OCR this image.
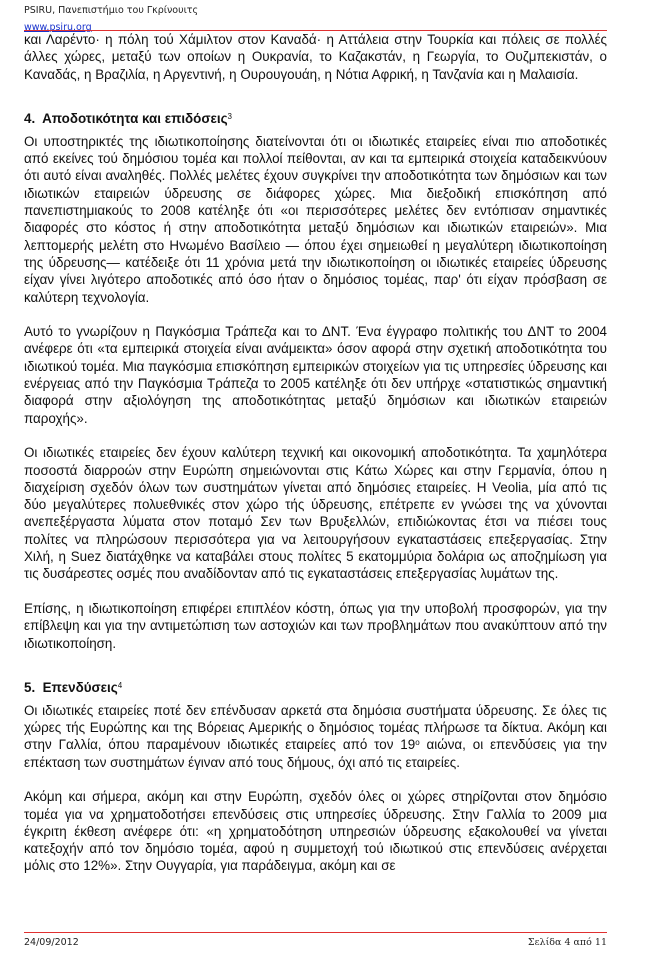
PSIRU, Πανεπιστήμιο του Γκρίνουιτς
www.psiru.org

και Λαρέντο· η πόλη τού Χάμιλτον στον Καναδά· η Αττάλεια στην Τουρκία και πόλεις σε πολλές άλλες χώρες, μεταξύ των οποίων η Ουκρανία, το Καζακστάν, η Γεωργία, το Ουζμπεκιστάν, ο Καναδάς, η Βραζιλία, η Αργεντινή, η Ουρουγουάη, η Νότια Αφρική, η Τανζανία και η Μαλαισία.

4. Αποδοτικότητα και επιδόσεις$^3$

Οι υποστηρικτές της ιδιωτικοποίησης διατείνονται ότι οι ιδιωτικές εταιρείες είναι πιο αποδοτικές από εκείνες τού δημόσιου τομέα και πολλοί πείθονται, αν και τα εμπειρικά στοιχεία καταδεικνύουν ότι αυτό είναι αναληθές. Πολλές μελέτες έχουν συγκρίνει την αποδοτικότητα των δημόσιων και των ιδιωτικών εταιρειών ύδρευσης σε διάφορες χώρες. Μια διεξοδική επισκόπηση από πανεπιστημιακούς το 2008 κατέληξε ότι «οι περισσότερες μελέτες δεν εντόπισαν σημαντικές διαφορές στο κόστος ή στην αποδοτικότητα μεταξύ δημόσιων και ιδιωτικών εταιρειών». Μια λεπτομερής μελέτη στο Ηνωμένο Βασίλειο — όπου έχει σημειωθεί η μεγαλύτερη ιδιωτικοποίηση της ύδρευσης— κατέδειξε ότι 11 χρόνια μετά την ιδιωτικοποίηση οι ιδιωτικές εταιρείες ύδρευσης είχαν γίνει λιγότερο αποδοτικές από όσο ήταν ο δημόσιος τομέας, παρ' ότι είχαν πρόσβαση σε καλύτερη τεχνολογία.

Αυτό το γνωρίζουν η Παγκόσμια Τράπεζα και το ΔΝΤ. Ένα έγγραφο πολιτικής του ΔΝΤ το 2004 ανέφερε ότι «τα εμπειρικά στοιχεία είναι ανάμεικτα» όσον αφορά στην σχετική αποδοτικότητα του ιδιωτικού τομέα. Μια παγκόσμια επισκόπηση εμπειρικών στοιχείων για τις υπηρεσίες ύδρευσης και ενέργειας από την Παγκόσμια Τράπεζα το 2005 κατέληξε ότι δεν υπήρχε «στατιστικώς σημαντική διαφορά στην αξιολόγηση της αποδοτικότητας μεταξύ δημόσιων και ιδιωτικών εταιρειών παροχής».

Οι ιδιωτικές εταιρείες δεν έχουν καλύτερη τεχνική και οικονομική αποδοτικότητα. Τα χαμηλότερα ποσοστά διαρροών στην Ευρώπη σημειώνονται στις Κάτω Χώρες και στην Γερμανία, όπου η διαχείριση σχεδόν όλων των συστημάτων γίνεται από δημόσιες εταιρείες. Η Veolia, μία από τις δύο μεγαλύτερες πολυεθνικές στον χώρο τής ύδρευσης, επέτρεπε εν γνώσει της να χύνονται ανεπεξέργαστα λύματα στον ποταμό Σεν των Βρυξελλών, επιδιώκοντας έτσι να πιέσει τους πολίτες να πληρώσουν περισσότερα για να λειτουργήσουν εγκαταστάσεις επεξεργασίας. Στην Χιλή, η Suez διατάχθηκε να καταβάλει στους πολίτες 5 εκατομμύρια δολάρια ως αποζημίωση για τις δυσάρεστες οσμές που αναδίδονταν από τις εγκαταστάσεις επεξεργασίας λυμάτων της.

Επίσης, η ιδιωτικοποίηση επιφέρει επιπλέον κόστη, όπως για την υποβολή προσφορών, για την επίβλεψη και για την αντιμετώπιση των αστοχιών και των προβλημάτων που ανακύπτουν από την ιδιωτικοποίηση.

5. Επενδύσεις$^4$

Οι ιδιωτικές εταιρείες ποτέ δεν επένδυσαν αρκετά στα δημόσια συστήματα ύδρευσης. Σε όλες τις χώρες τής Ευρώπης και της Βόρειας Αμερικής ο δημόσιος τομέας πλήρωσε τα δίκτυα. Ακόμη και στην Γαλλία, όπου παραμένουν ιδιωτικές εταιρείες από τον $19^o$ αιώνα, οι επενδύσεις για την επέκταση των συστημάτων έγιναν από τους δήμους, όχι από τις εταιρείες.

Ακόμη και σήμερα, ακόμη και στην Ευρώπη, σχεδόν όλες οι χώρες στηρίζονται στον δημόσιο τομέα για να χρηματοδοτήσει επενδύσεις στις υπηρεσίες ύδρευσης. Στην Γαλλία το 2009 μια έγκριτη έκθεση ανέφερε ότι: «η χρηματοδότηση υπηρεσιών ύδρευσης εξακολουθεί να γίνεται κατεξοχήν από τον δημόσιο τομέα, αφού η συμμετοχή τού ιδιωτικού στις επενδύσεις ανέρχεται μόλις στο 12%». Στην Ουγγαρία, για παράδειγμα, ακόμη και σε

24/09/2012	Σελίδα 4 από 11
